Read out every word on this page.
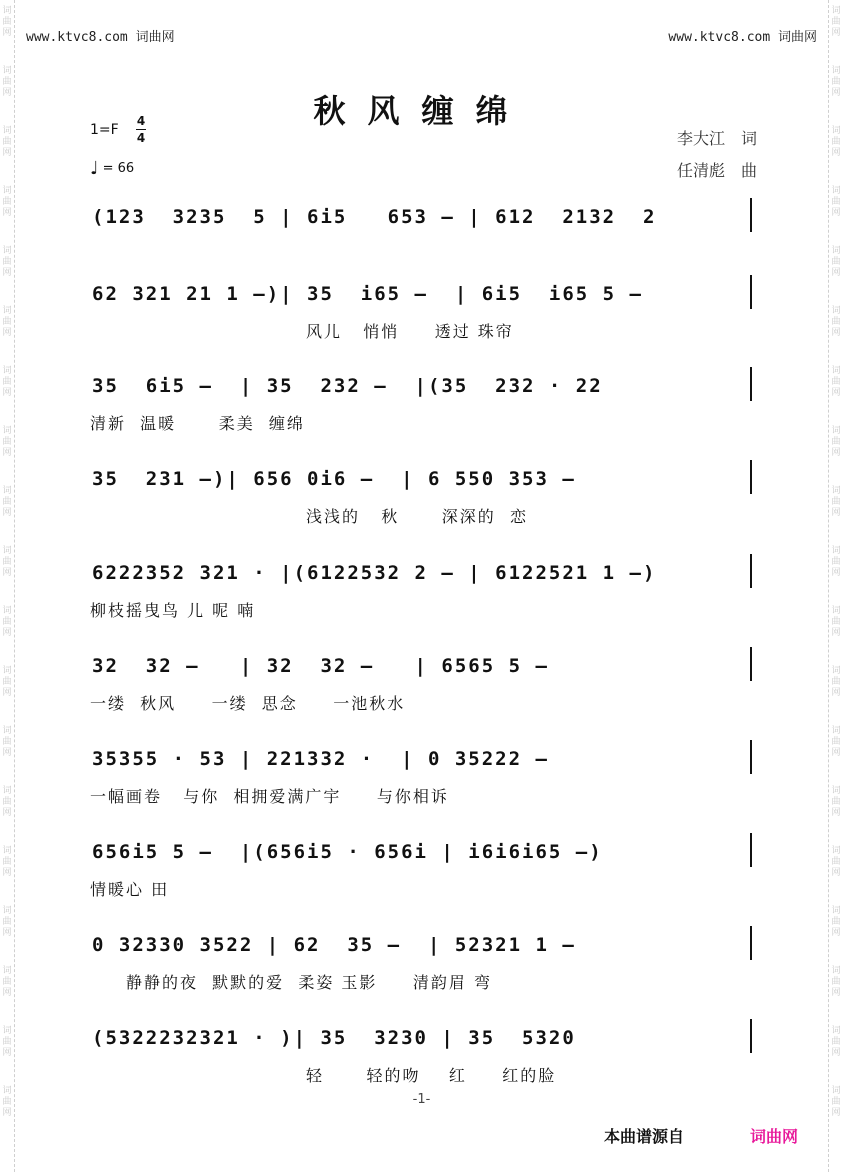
词
曲
网
词
曲
网
词
曲
网
词
曲
网
词
曲
网
词
曲
网
词
曲
网
词
曲
网
词
曲
网
词
曲
网
词
曲
网
词
曲
网
词
曲
网
词
曲
网
词
曲
网
词
曲
网
词
曲
网
词
曲
网
词
曲
网
词
曲
网
词
曲
网
词
曲
网
词
曲
网
词
曲
网
词
曲
网
词
曲
网
词
曲
网
词
曲
网
词
曲
网
词
曲
网
词
曲
网
词
曲
网
词
曲
网
词
曲
网
词
曲
网
词
曲
网
词
曲
网
词
曲
网
www.ktvc8.com 词曲网	www.ktvc8.com 词曲网
秋风缠绵
1=F
4
4
♩ = 66
李大江 词
任清彪 曲
(123  3235  5 | 6i5   653 – | 612  2132  2
62 321 21 1 –)| 35  i65 –  | 6i5  i65 5 –
风儿   悄悄     透过 珠帘
35  6i5 –  | 35  232 –  |(35  232 · 22
清新  温暖      柔美  缠绵
35  231 –)| 656 0i6 –  | 6 550 353 –
浅浅的   秋      深深的  恋
6222352 321 · |(6122532 2 – | 6122521 1 –)
柳枝摇曳鸟 儿 呢 喃
32  32 –   | 32  32 –   | 6565 5 –
一缕  秋风     一缕  思念     一池秋水
35355 · 53 | 221332 ·  | 0 35222 –
一幅画卷   与你  相拥爱满广宇     与你相诉
656i5 5 –  |(656i5 · 656i | i6i6i65 –)
情暖心 田
0 32330 3522 | 62  35 –  | 52321 1 –
静静的夜  默默的爱  柔姿 玉影     清韵眉 弯
(5322232321 · )| 35  3230 | 35  5320
轻      轻的吻    红     红的脸
-1-
本曲谱源自	词曲网
